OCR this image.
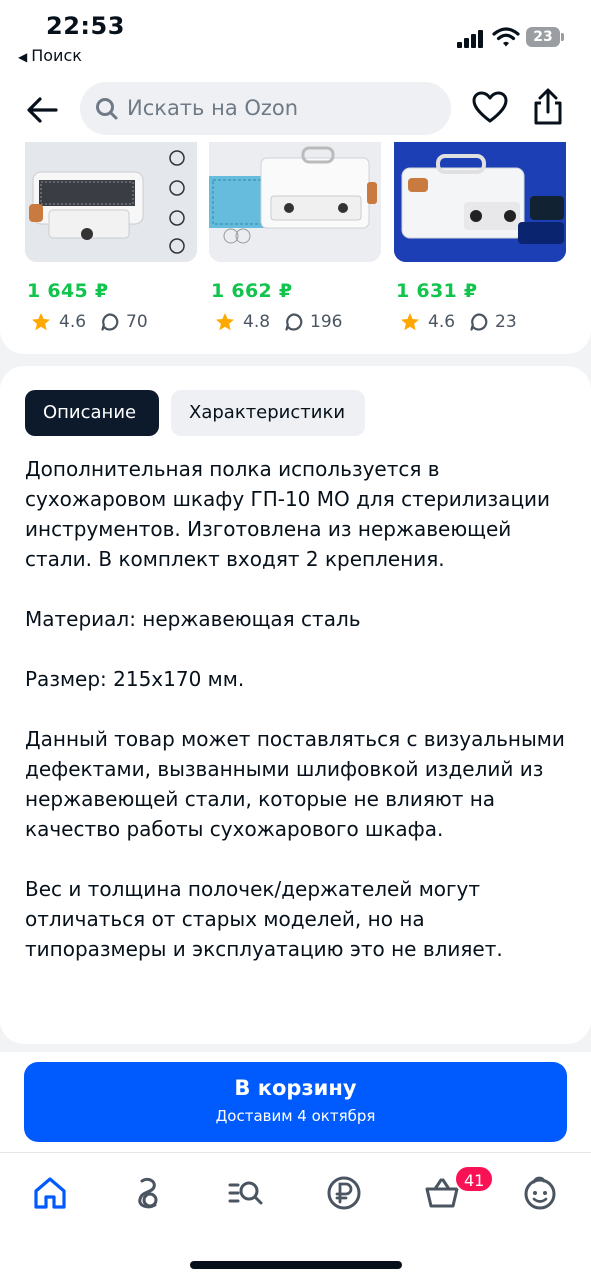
22:53
◀ Поиск
23
Искать на Ozon
1 645 ₽
4.6 70
1 662 ₽
4.8 196
1 631 ₽
4.6 23
Описание	Характеристики

Дополнительная полка используется в сухожаровом шкафу ГП-10 МО для стерилизации инструментов. Изготовлена из нержавеющей стали. В комплект входят 2 крепления.

Материал: нержавеющая сталь

Размер: 215x170 мм.

Данный товар может поставляться с визуальными дефектами, вызванными шлифовкой изделий из нержавеющей стали, которые не влияют на качество работы сухожарового шкафа.

Вес и толщина полочек/держателей могут отличаться от старых моделей, но на типоразмеры и эксплуатацию это не влияет.

В корзину
Доставим 4 октября
41
